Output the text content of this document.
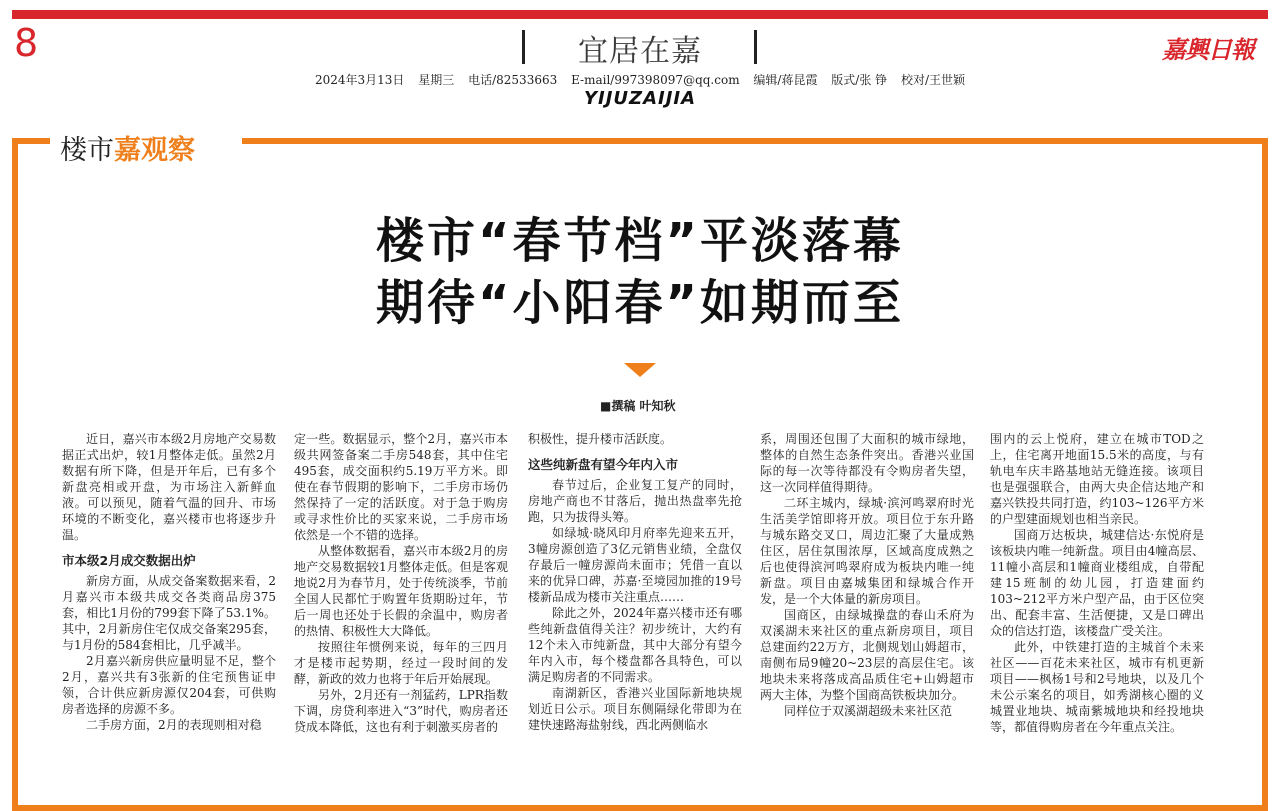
8	宜居在嘉	嘉興日報
2024年3月13日 星期三 电话/82533663 E-mail/997398097@qq.com 编辑/蒋昆霞 版式/张 铮 校对/王世颖
YIJUZAIJIA
楼市嘉观察
楼市“春节档”平淡落幕
期待“小阳春”如期而至
■撰稿 叶知秋

近日，嘉兴市本级2月房地产交易数据正式出炉，较1月整体走低。虽然2月数据有所下降，但是开年后，已有多个新盘亮相或开盘，为市场注入新鲜血液。可以预见，随着气温的回升、市场环境的不断变化，嘉兴楼市也将逐步升温。

市本级2月成交数据出炉

新房方面，从成交备案数据来看，2月嘉兴市本级共成交各类商品房375套，相比1月份的799套下降了53.1%。其中，2月新房住宅仅成交备案295套，与1月份的584套相比，几乎减半。

2月嘉兴新房供应量明显不足，整个2月，嘉兴共有3张新的住宅预售证申领，合计供应新房源仅204套，可供购房者选择的房源不多。

二手房方面，2月的表现则相对稳

定一些。数据显示，整个2月，嘉兴市本级共网签备案二手房548套，其中住宅495套，成交面积约5.19万平方米。即使在春节假期的影响下，二手房市场仍然保持了一定的活跃度。对于急于购房或寻求性价比的买家来说，二手房市场依然是一个不错的选择。

从整体数据看，嘉兴市本级2月的房地产交易数据较1月整体走低。但是客观地说2月为春节月，处于传统淡季，节前全国人民都忙于购置年货期盼过年，节后一周也还处于长假的余温中，购房者的热情、积极性大大降低。

按照往年惯例来说，每年的三四月才是楼市起势期，经过一段时间的发酵，新政的效力也将于年后开始展现。

另外，2月还有一剂猛药，LPR指数下调，房贷利率进入“3”时代，购房者还贷成本降低，这也有利于刺激买房者的

积极性，提升楼市活跃度。

这些纯新盘有望今年内入市

春节过后，企业复工复产的同时，房地产商也不甘落后，抛出热盘率先抢跑，只为拔得头筹。

如绿城·晓风印月府率先迎来五开，3幢房源创造了3亿元销售业绩，全盘仅存最后一幢房源尚未面市；凭借一直以来的优异口碑，苏嘉·至境园加推的19号楼新品成为楼市关注重点……

除此之外，2024年嘉兴楼市还有哪些纯新盘值得关注？初步统计，大约有12个未入市纯新盘，其中大部分有望今年内入市，每个楼盘都各具特色，可以满足购房者的不同需求。

南湖新区，香港兴业国际新地块规划近日公示。项目东侧隔绿化带即为在建快速路海盐射线，西北两侧临水

系，周围还包围了大面积的城市绿地，整体的自然生态条件突出。香港兴业国际的每一次等待都没有令购房者失望，这一次同样值得期待。

二环主城内，绿城·滨河鸣翠府时光生活美学馆即将开放。项目位于东升路与城东路交叉口，周边汇聚了大量成熟住区，居住氛围浓厚，区域高度成熟之后也使得滨河鸣翠府成为板块内唯一纯新盘。项目由嘉城集团和绿城合作开发，是一个大体量的新房项目。

国商区，由绿城操盘的春山禾府为双溪湖未来社区的重点新房项目，项目总建面约22万方，北侧规划山姆超市，南侧布局9幢20~23层的高层住宅。该地块未来将落成高品质住宅+山姆超市两大主体，为整个国商高铁板块加分。

同样位于双溪湖超级未来社区范

围内的云上悦府，建立在城市TOD之上，住宅离开地面15.5米的高度，与有轨电车庆丰路基地站无缝连接。该项目也是强强联合，由两大央企信达地产和嘉兴铁投共同打造，约103~126平方米的户型建面规划也相当亲民。

国商万达板块，城建信达·东悦府是该板块内唯一纯新盘。项目由4幢高层、11幢小高层和1幢商业楼组成，自带配建15班制的幼儿园，打造建面约103~212平方米户型产品，由于区位突出、配套丰富、生活便捷，又是口碑出众的信达打造，该楼盘广受关注。

此外，中铁建打造的主城首个未来社区——百花未来社区，城市有机更新项目——枫杨1号和2号地块，以及几个未公示案名的项目，如秀湖核心圈的义城置业地块、城南紫城地块和经投地块等，都值得购房者在今年重点关注。
